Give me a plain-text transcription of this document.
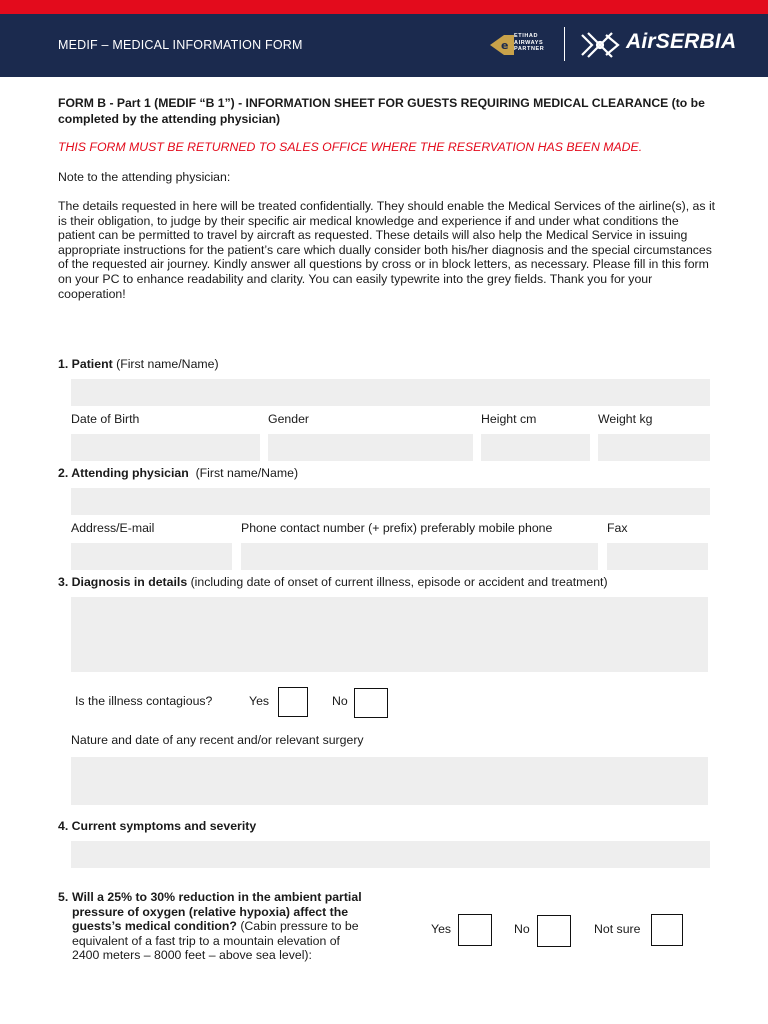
MEDIF – MEDICAL INFORMATION FORM	e
ETIHAD
AIRWAYS
PARTNER	AirSERBIA
FORM B - Part 1 (MEDIF “B 1”) - INFORMATION SHEET FOR GUESTS REQUIRING MEDICAL CLEARANCE (to be completed by the attending physician)
THIS FORM MUST BE RETURNED TO SALES OFFICE WHERE THE RESERVATION HAS BEEN MADE.
Note to the attending physician:
The details requested in here will be treated confidentially. They should enable the Medical Services of the airline(s), as it is their obligation, to judge by their specific air medical knowledge and experience if and under what conditions the patient can be permitted to travel by aircraft as requested. These details will also help the Medical Service in issuing appropriate instructions for the patient’s care which dually consider both his/her diagnosis and the special circumstances of the requested air journey. Kindly answer all questions by cross or in block letters, as necessary. Please fill in this form on your PC to enhance readability and clarity. You can easily typewrite into the grey fields. Thank you for your cooperation!
1. Patient (First name/Name)
Date of Birth	Gender	Height cm	Weight kg
2. Attending physician (First name/Name)
Address/E-mail	Phone contact number (+ prefix) preferably mobile phone	Fax
3. Diagnosis in details (including date of onset of current illness, episode or accident and treatment)
Is the illness contagious?	Yes	No
Nature and date of any recent and/or relevant surgery
4. Current symptoms and severity
5. Will a 25% to 30% reduction in the ambient partial pressure of oxygen (relative hypoxia) affect the guests’s medical condition? (Cabin pressure to be equivalent of a fast trip to a mountain elevation of 2400 meters – 8000 feet – above sea level):
Yes	No	Not sure
